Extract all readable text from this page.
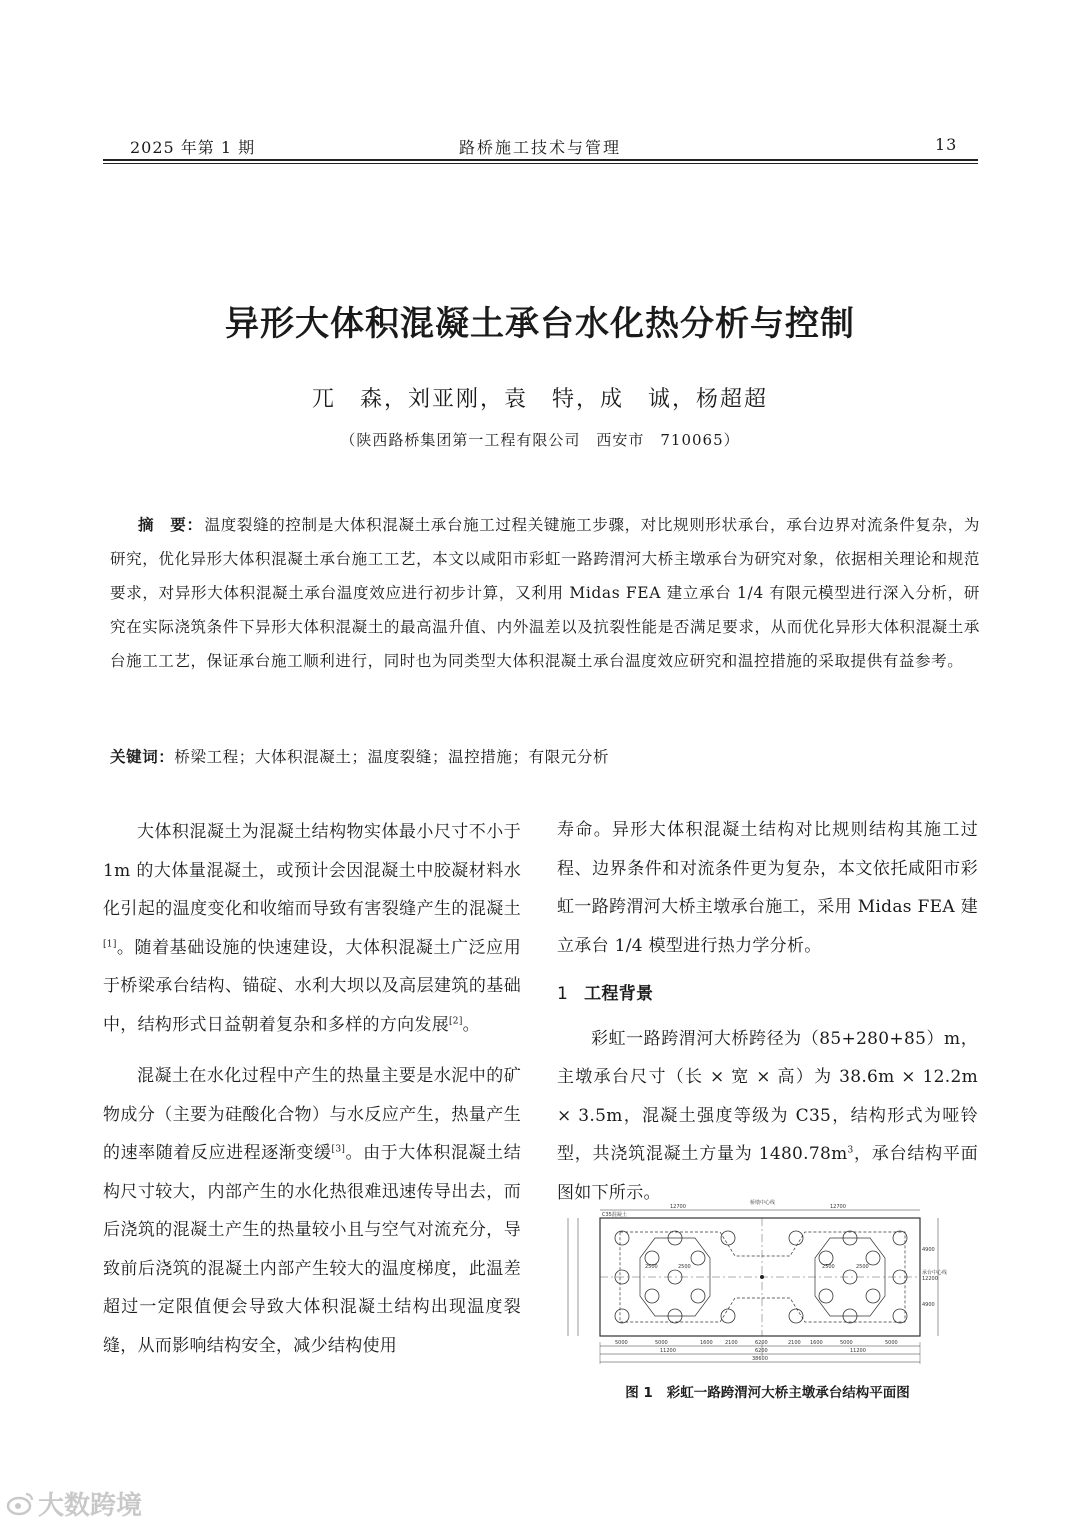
2025 年第 1 期	路桥施工技术与管理	13
异形大体积混凝土承台水化热分析与控制
兀　森，刘亚刚，袁　特，成　诚，杨超超
（陕西路桥集团第一工程有限公司　西安市　710065）
摘　要： 温度裂缝的控制是大体积混凝土承台施工过程关键施工步骤，对比规则形状承台，承台边界对流条件复杂，为研究，优化异形大体积混凝土承台施工工艺，本文以咸阳市彩虹一路跨渭河大桥主墩承台为研究对象，依据相关理论和规范要求，对异形大体积混凝土承台温度效应进行初步计算，又利用 Midas FEA 建立承台 1/4 有限元模型进行深入分析，研究在实际浇筑条件下异形大体积混凝土的最高温升值、内外温差以及抗裂性能是否满足要求，从而优化异形大体积混凝土承台施工工艺，保证承台施工顺利进行，同时也为同类型大体积混凝土承台温度效应研究和温控措施的采取提供有益参考。
关键词：桥梁工程；大体积混凝土；温度裂缝；温控措施；有限元分析

大体积混凝土为混凝土结构物实体最小尺寸不小于 1m 的大体量混凝土，或预计会因混凝土中胶凝材料水化引起的温度变化和收缩而导致有害裂缝产生的混凝土[1]。随着基础设施的快速建设，大体积混凝土广泛应用于桥梁承台结构、锚碇、水利大坝以及高层建筑的基础中，结构形式日益朝着复杂和多样的方向发展[2]。

混凝土在水化过程中产生的热量主要是水泥中的矿物成分（主要为硅酸化合物）与水反应产生，热量产生的速率随着反应进程逐渐变缓[3]。由于大体积混凝土结构尺寸较大，内部产生的水化热很难迅速传导出去，而后浇筑的混凝土产生的热量较小且与空气对流充分，导致前后浇筑的混凝土内部产生较大的温度梯度，此温差超过一定限值便会导致大体积混凝土结构出现温度裂缝，从而影响结构安全，减少结构使用

寿命。异形大体积混凝土结构对比规则结构其施工过程、边界条件和对流条件更为复杂，本文依托咸阳市彩虹一路跨渭河大桥主墩承台施工，采用 Midas FEA 建立承台 1/4 模型进行热力学分析。

1 工程背景

彩虹一路跨渭河大桥跨径为（85+280+85）m，主墩承台尺寸（长 × 宽 × 高）为 38.6m × 12.2m × 3.5m，混凝土强度等级为 C35，结构形式为哑铃型，共浇筑混凝土方量为 $1480.78m^3$，承台结构平面图如下所示。

12700	12700
5000	5000	1600 2100	6200	2100 1600	5000	5000
11200	6200	11200
38600
2500	2500	2500	2500
4900
12200
4900
C35混凝土
桥墩中心线
承台中心线
图 1 彩虹一路跨渭河大桥主墩承台结构平面图
大数跨境
